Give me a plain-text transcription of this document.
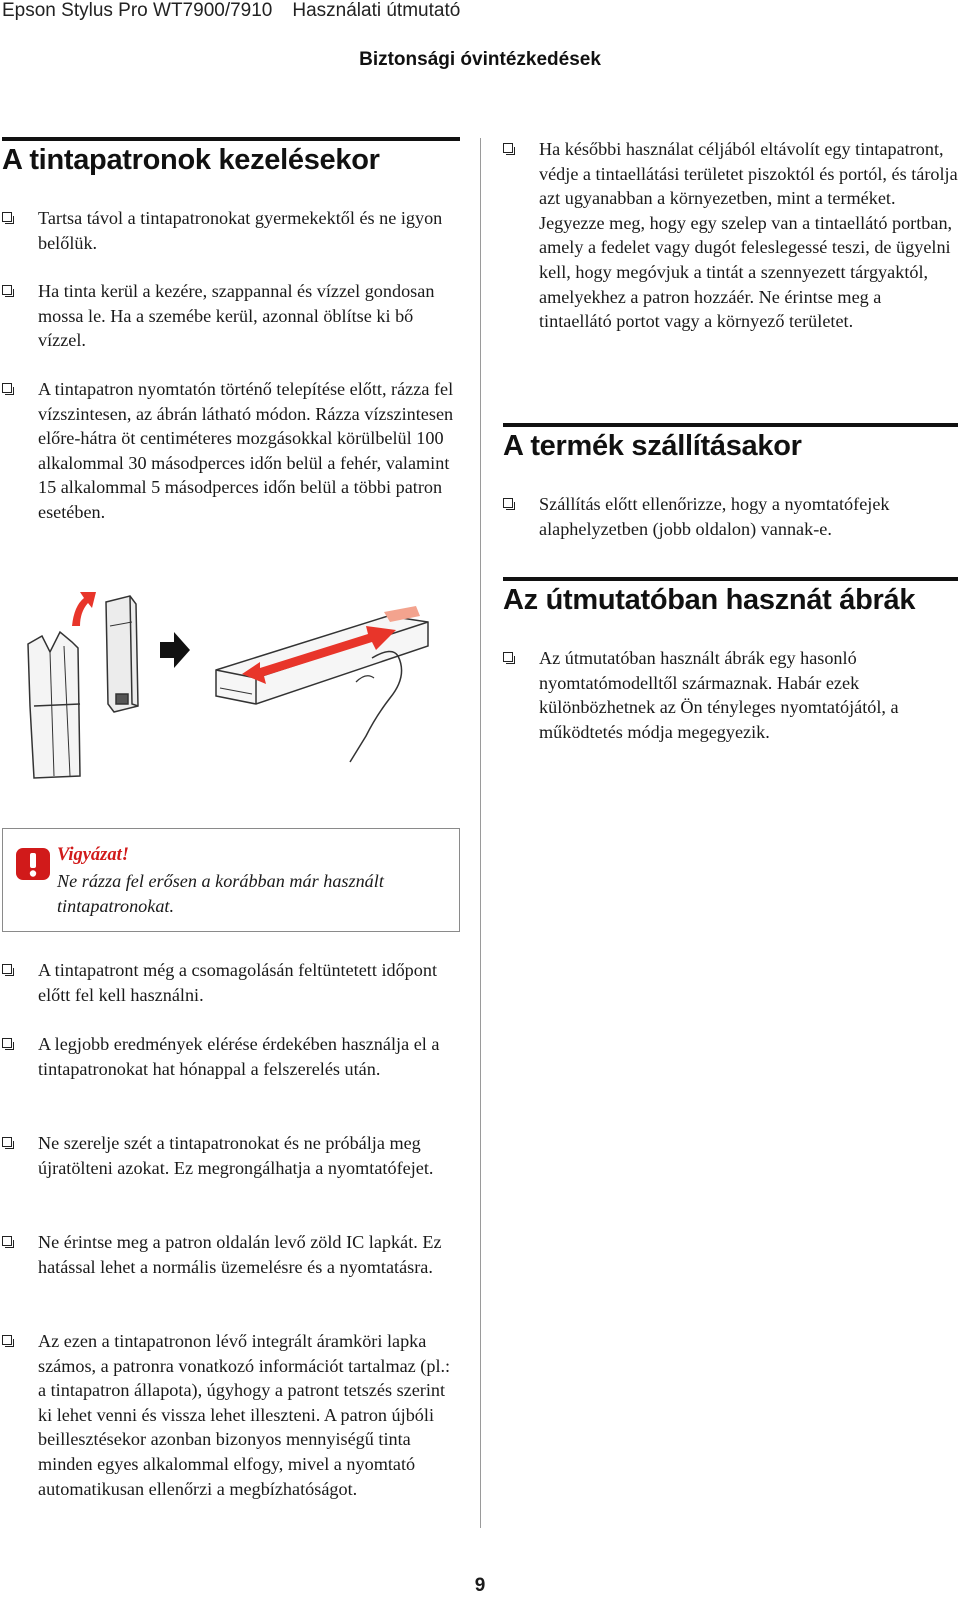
Epson Stylus Pro WT7900/7910 Használati útmutató
Biztonsági óvintézkedések
A tintapatronok kezelésekor
Tartsa távol a tintapatronokat gyermekektől és ne igyon belőlük.
Ha tinta kerül a kezére, szappannal és vízzel gondosan mossa le. Ha a szemébe kerül, azonnal öblítse ki bő vízzel.
A tintapatron nyomtatón történő telepítése előtt, rázza fel vízszintesen, az ábrán látható módon. Rázza vízszintesen előre-hátra öt centiméteres mozgásokkal körülbelül 100 alkalommal 30 másodperces időn belül a fehér, valamint 15 alkalommal 5 másodperces időn belül a többi patron esetében.
Vigyázat!
Ne rázza fel erősen a korábban már használt tintapatronokat.
A tintapatront még a csomagolásán feltüntetett időpont előtt fel kell használni.
A legjobb eredmények elérése érdekében használja el a tintapatronokat hat hónappal a felszerelés után.
Ne szerelje szét a tintapatronokat és ne próbálja meg újratölteni azokat. Ez megrongálhatja a nyomtatófejet.
Ne érintse meg a patron oldalán levő zöld IC lapkát. Ez hatással lehet a normális üzemelésre és a nyomtatásra.
Az ezen a tintapatronon lévő integrált áramköri lapka számos, a patronra vonatkozó információt tartalmaz (pl.: a tintapatron állapota), úgyhogy a patront tetszés szerint ki lehet venni és vissza lehet illeszteni. A patron újbóli beillesztésekor azonban bizonyos mennyiségű tinta minden egyes alkalommal elfogy, mivel a nyomtató automatikusan ellenőrzi a megbízhatóságot.
Ha későbbi használat céljából eltávolít egy tintapatront, védje a tintaellátási területet piszoktól és portól, és tárolja azt ugyanabban a környezetben, mint a terméket. Jegyezze meg, hogy egy szelep van a tintaellátó portban, amely a fedelet vagy dugót feleslegessé teszi, de ügyelni kell, hogy megóvjuk a tintát a szennyezett tárgyaktól, amelyekhez a patron hozzáér. Ne érintse meg a tintaellátó portot vagy a környező területet.
A termék szállításakor
Szállítás előtt ellenőrizze, hogy a nyomtatófejek alaphelyzetben (jobb oldalon) vannak-e.
Az útmutatóban hasznát ábrák
Az útmutatóban használt ábrák egy hasonló nyomtatómodelltől származnak. Habár ezek különbözhetnek az Ön tényleges nyomtatójától, a működtetés módja megegyezik.
9
